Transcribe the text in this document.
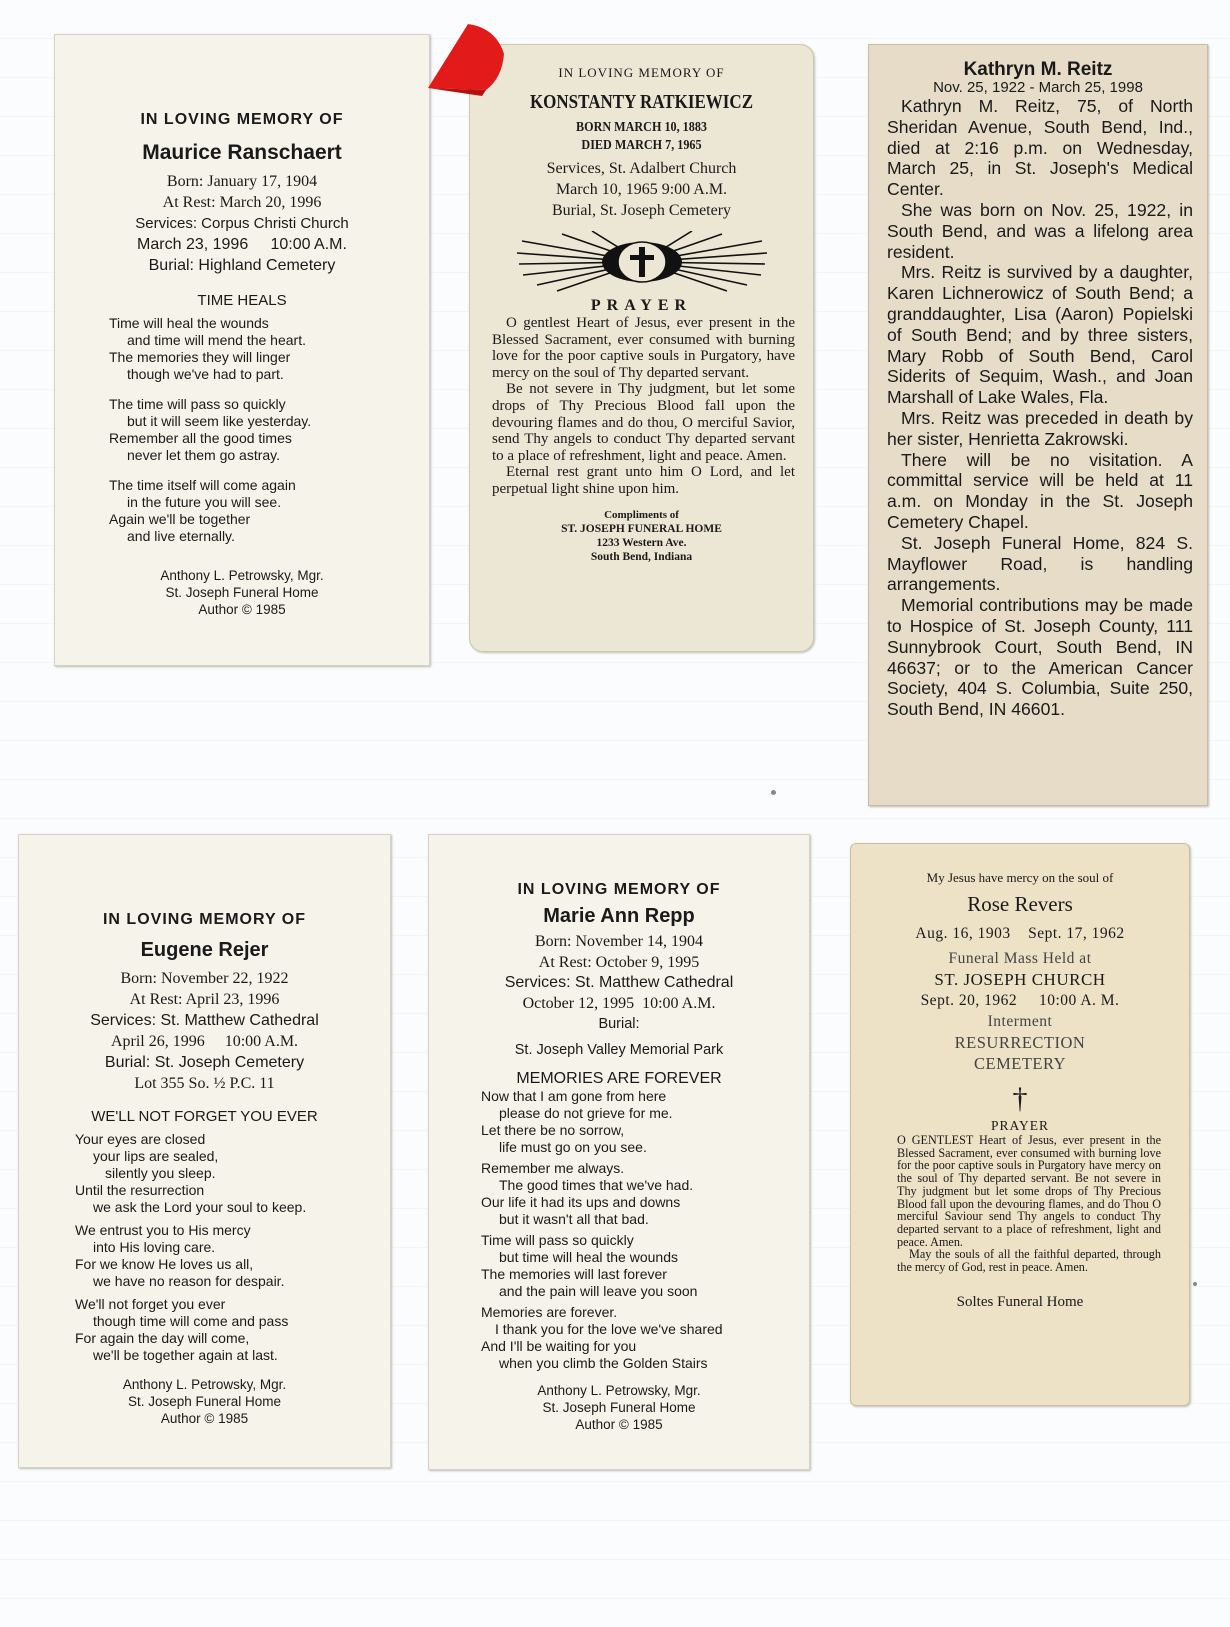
IN LOVING MEMORY OF
Maurice Ranschaert
Born: January 17, 1904
At Rest: March 20, 1996
Services: Corpus Christi Church
March 23, 1996     10:00 A.M.
Burial: Highland Cemetery
TIME HEALS
Time will heal the wounds
and time will mend the heart.
The memories they will linger
though we've had to part.
The time will pass so quickly
but it will seem like yesterday.
Remember all the good times
never let them go astray.
The time itself will come again
in the future you will see.
Again we'll be together
and live eternally.
Anthony L. Petrowsky, Mgr.
St. Joseph Funeral Home
Author © 1985
IN LOVING MEMORY OF
KONSTANTY RATKIEWICZ
BORN MARCH 10, 1883
DIED MARCH 7, 1965
Services, St. Adalbert Church
March 10, 1965 9:00 A.M.
Burial, St. Joseph Cemetery
PRAYER
O gentlest Heart of Jesus, ever present in the Blessed Sacrament, ever consumed with burning love for the poor captive souls in Purgatory, have mercy on the soul of Thy departed servant.
Be not severe in Thy judgment, but let some drops of Thy Precious Blood fall upon the devouring flames and do thou, O merciful Savior, send Thy angels to conduct Thy departed servant to a place of refreshment, light and peace. Amen.
Eternal rest grant unto him O Lord, and let perpetual light shine upon him.
Compliments of
ST. JOSEPH FUNERAL HOME
1233 Western Ave.
South Bend, Indiana
Kathryn M. Reitz
Nov. 25, 1922 - March 25, 1998

Kathryn M. Reitz, 75, of North Sheridan Avenue, South Bend, Ind., died at 2:16 p.m. on Wednesday, March 25, in St. Joseph's Medical Center.

She was born on Nov. 25, 1922, in South Bend, and was a lifelong area resident.

Mrs. Reitz is survived by a daughter, Karen Lichnerowicz of South Bend; a granddaughter, Lisa (Aaron) Popielski of South Bend; and by three sisters, Mary Robb of South Bend, Carol Siderits of Sequim, Wash., and Joan Marshall of Lake Wales, Fla.

Mrs. Reitz was preceded in death by her sister, Henrietta Zakrowski.

There will be no visitation. A committal service will be held at 11 a.m. on Monday in the St. Joseph Cemetery Chapel.

St. Joseph Funeral Home, 824 S. Mayflower Road, is handling arrangements.

Memorial contributions may be made to Hospice of St. Joseph County, 111 Sunnybrook Court, South Bend, IN 46637; or to the American Cancer Society, 404 S. Columbia, Suite 250, South Bend, IN 46601.

IN LOVING MEMORY OF
Eugene Rejer
Born: November 22, 1922
At Rest: April 23, 1996
Services: St. Matthew Cathedral
April 26, 1996     10:00 A.M.
Burial: St. Joseph Cemetery
Lot 355 So. ½ P.C. 11
WE'LL NOT FORGET YOU EVER
Your eyes are closed
your lips are sealed,
silently you sleep.
Until the resurrection
we ask the Lord your soul to keep.
We entrust you to His mercy
into His loving care.
For we know He loves us all,
we have no reason for despair.
We'll not forget you ever
though time will come and pass
For again the day will come,
we'll be together again at last.
Anthony L. Petrowsky, Mgr.
St. Joseph Funeral Home
Author © 1985
IN LOVING MEMORY OF
Marie Ann Repp
Born: November 14, 1904
At Rest: October 9, 1995
Services: St. Matthew Cathedral
October 12, 1995  10:00 A.M.
Burial:
St. Joseph Valley Memorial Park
MEMORIES ARE FOREVER
Now that I am gone from here
please do not grieve for me.
Let there be no sorrow,
life must go on you see.
Remember me always.
The good times that we've had.
Our life it had its ups and downs
but it wasn't all that bad.
Time will pass so quickly
but time will heal the wounds
The memories will last forever
and the pain will leave you soon
Memories are forever.
I thank you for the love we've shared
And I'll be waiting for you
when you climb the Golden Stairs
Anthony L. Petrowsky, Mgr.
St. Joseph Funeral Home
Author © 1985
My Jesus have mercy on the soul of
Rose Revers
Aug. 16, 1903    Sept. 17, 1962
Funeral Mass Held at
ST. JOSEPH CHURCH
Sept. 20, 1962     10:00 A. M.
Interment
RESURRECTION
CEMETERY
†
PRAYER
O GENTLEST Heart of Jesus, ever present in the Blessed Sacrament, ever consumed with burning love for the poor captive souls in Purgatory have mercy on the soul of Thy departed servant. Be not severe in Thy judgment but let some drops of Thy Precious Blood fall upon the devouring flames, and do Thou O merciful Saviour send Thy angels to conduct Thy departed servant to a place of refreshment, light and peace. Amen.
May the souls of all the faithful departed, through the mercy of God, rest in peace. Amen.
Soltes Funeral Home
